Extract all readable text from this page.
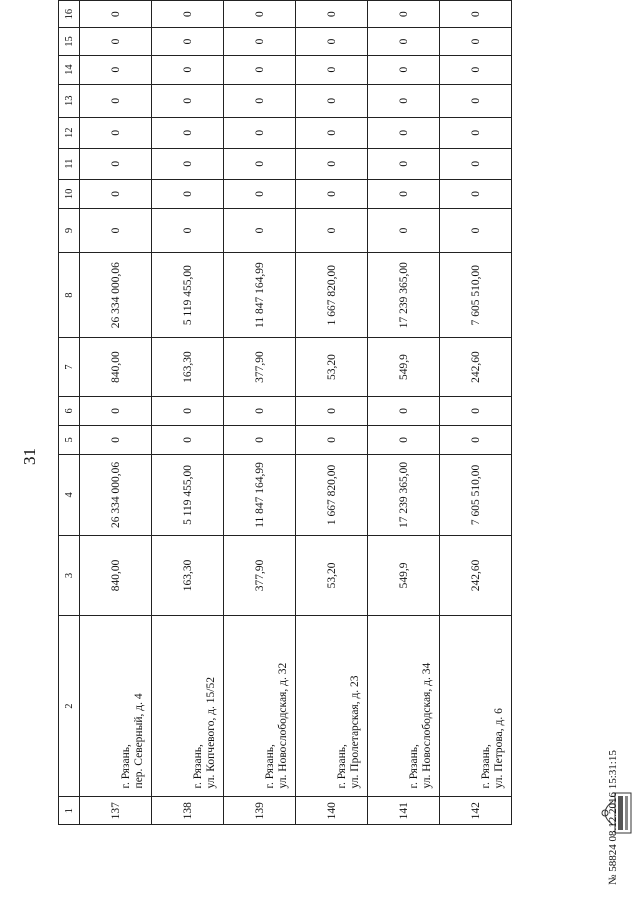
31
1	2	3	4	5	6	7	8	9	10	11	12	13	14	15	16
137	г. Рязань, пер. Северный, д. 4	840,00	26 334 000,06	0	0	840,00	26 334 000,06	0	0	0	0	0	0	0	0
138	г. Рязань, ул. Копчевого, д. 15/52	163,30	5 119 455,00	0	0	163,30	5 119 455,00	0	0	0	0	0	0	0	0
139	г. Рязань, ул. Новослободская, д. 32	377,90	11 847 164,99	0	0	377,90	11 847 164,99	0	0	0	0	0	0	0	0
140	г. Рязань, ул. Пролетарская, д. 23	53,20	1 667 820,00	0	0	53,20	1 667 820,00	0	0	0	0	0	0	0	0
141	г. Рязань, ул. Новослободская, д. 34	549,9	17 239 365,00	0	0	549,9	17 239 365,00	0	0	0	0	0	0	0	0
142	г. Рязань, ул. Петрова, д. 6	242,60	7 605 510,00	0	0	242,60	7 605 510,00	0	0	0	0	0	0	0	0
№ 58824 08.12.2016 15:31:15
